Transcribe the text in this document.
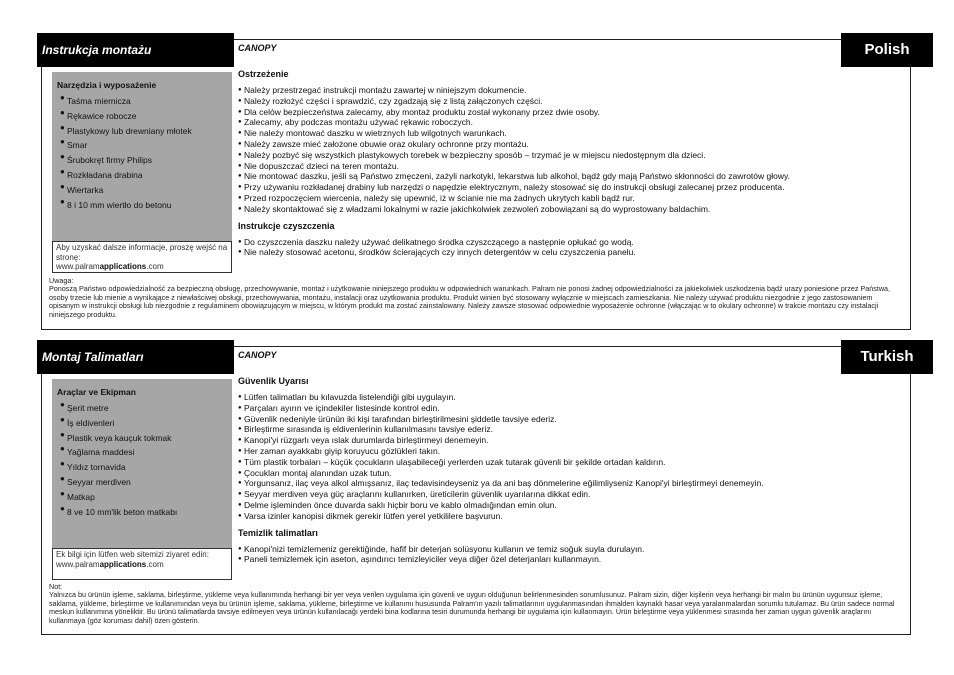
Instrukcja montażu	Polish
Narzędzia i wyposażenie
● Taśma miernicza
● Rękawice robocze
● Plastykowy lub drewniany młotek
● Smar
● Śrubokręt firmy Philips
● Rozkładana drabina
● Wiertarka
● 8 i 10 mm wiertło do betonu
Aby uzyskać dalsze informacje, proszę wejść na stronę:
www.palramapplications.com
CANOPY
Ostrzeżenie
● Należy przestrzegać instrukcji montażu zawartej w niniejszym dokumencie.
● Należy rozłożyć części i sprawdzić, czy zgadzają się z listą załączonych części.
● Dla celów bezpieczeństwa zalecamy, aby montaż produktu został wykonany przez dwie osoby.
● Zalecamy, aby podczas montażu używać rękawic roboczych.
● Nie należy montować daszku w wietrznych lub wilgotnych warunkach.
● Należy zawsze mieć założone obuwie oraz okulary ochronne przy montażu.
● Należy pozbyć się wszystkich plastykowych torebek w bezpieczny sposób – trzymać je w miejscu niedostępnym dla dzieci.
● Nie dopuszczać dzieci na teren montażu.
● Nie montować daszku, jeśli są Państwo zmęczeni, zażyli narkotyki, lekarstwa lub alkohol, bądź gdy mają Państwo skłonności do zawrotów głowy.
● Przy używaniu rozkładanej drabiny lub narzędzi o napędzie elektrycznym, należy stosować się do instrukcji obsługi zalecanej przez producenta.
● Przed rozpoczęciem wiercenia, należy się upewnić, iż w ścianie nie ma żadnych ukrytych kabli bądź rur.
● Należy skontaktować się z władzami lokalnymi w razie jakichkolwiek zezwoleń zobowiązani są do wyprostowany baldachim.
Instrukcje czyszczenia
● Do czyszczenia daszku należy używać delikatnego środka czyszczącego a następnie opłukać go wodą.
● Nie należy stosować acetonu, środków ścierających czy innych detergentów w celu czyszczenia panelu.
Uwaga:
Ponoszą Państwo odpowiedzialność za bezpieczną obsługę, przechowywanie, montaż i użytkowanie niniejszego produktu w odpowiednich warunkach. Palram nie ponosi żadnej odpowiedzialności za jakiekolwiek uszkodzenia bądź urazy poniesione przez Państwa, osoby trzecie lub mienie a wynikające z niewłaściwej obsługi, przechowywania, montażu, instalacji oraz użytkowania produktu. Produkt winien być stosowany wyłącznie w miejscach zamieszkania. Nie należy używać produktu niezgodnie z jego zastosowaniem opisanym w instrukcji obsługi lub niezgodnie z regulaminem obowiązującym w miejscu, w którym produkt ma zostać zainstalowany. Należy zawsze stosować odpowiednie wyposażenie ochronne (włączając w to okulary ochronne) w trakcie montażu czy instalacji niniejszego produktu.
Montaj Talimatları	Turkish
Araçlar ve Ekipman
● Şerit metre
● İş eldivenleri
● Plastik veya kauçuk tokmak
● Yağlama maddesi
● Yıldız tornavida
● Seyyar merdiven
● Matkap
● 8 ve 10 mm'lik beton matkabı
Ek bilgi için lütfen web sitemizi ziyaret edin: www.palramapplications.com
CANOPY
Güvenlik Uyarısı
● Lütfen talimatları bu kılavuzda listelendiği gibi uygulayın.
● Parçaları ayırın ve içindekiler listesinde kontrol edin.
● Güvenlik nedeniyle ürünün iki kişi tarafından birleştirilmesini şiddetle tavsiye ederiz.
● Birleştirme sırasında iş eldivenlerinin kullanılmasını tavsiye ederiz.
● Kanopi'yi rüzgarlı veya ıslak durumlarda birleştirmeyi denemeyin.
● Her zaman ayakkabı giyip koruyucu gözlükleri takın.
● Tüm plastik torbaları – küçük çocukların ulaşabileceği yerlerden uzak tutarak güvenli bir şekilde ortadan kaldırın.
● Çocukları montaj alanından uzak tutun.
● Yorgunsanız, ilaç veya alkol almışsanız, ilaç tedavisindeyseniz ya da ani baş dönmelerine eğilimliyseniz Kanopi'yi birleştirmeyi denemeyin.
● Seyyar merdiven veya güç araçlarını kullanırken, üreticilerin güvenlik uyarılarına dikkat edin.
● Delme işleminden önce duvarda saklı hiçbir boru ve kablo olmadığından emin olun.
● Varsa izinler kanopisi dikmek gerekir lütfen yerel yetkililere başvurun.
Temizlik talimatları
● Kanopi'nizi temizlemeniz gerektiğinde, hafif bir deterjan solüsyonu kullanın ve temiz soğuk suyla durulayın.
● Paneli temizlemek için aseton, aşındırıcı temizleyiciler veya diğer özel deterjanları kullanmayın.
Not:
Yalnızca bu ürünün işleme, saklama, birleştirme, yükleme veya kullanımında herhangi bir yer veya verilen uygulama için güvenli ve uygun olduğunun belirlenmesinden sorumlusunuz. Palram sizin, diğer kişilerin veya herhangi bir malın bu ürünün uygunsuz işleme, saklama, yükleme, birleştirme ve kullanımından veya bu ürünün işleme, saklama, yükleme, birleştirme ve kullanımı hususunda Palram'ın yazılı talimatlarının uygulanmasından ihmalden kaynaklı hasar veya yaralanmalardan sorumlu tutulamaz. Bu ürün sadece normal meskun kullanımına yöneliktir. Bu ürünü talimatlarda tavsiye edilmeyen veya ürünün kullanılacağı yerdeki bina kodlarına tesiri durumunda herhangi bir uygulama için kullanmayın. Ürün birleştirme veya yüklenmesi sırasında her zaman uygun güvenlik araçlarını kullanmaya (göz koruması dahil) özen gösterin.
